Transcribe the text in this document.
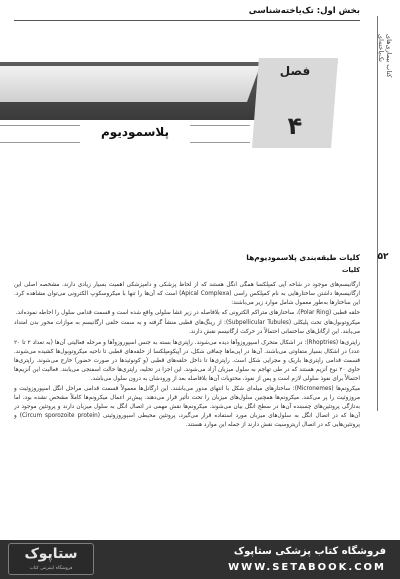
بخش اول: تک‌یاخته‌شناسی
کتاب بیماری‌های تک‌یاخته‌ای
۵۲
فصل
۴
پلاسمودیوم
کلیات طبقه‌بندی پلاسمودیوم‌ها
کلیات

ارگانیسم‌های موجود در شاخه آپی کمپلکسا همگی انگل هستند که از لحاظ پزشکی و دامپزشکی اهمیت بسیار زیادی دارند. مشخصه اصلی این ارگانیسم‌ها داشتن ساختارهایی به نام کمپلکس راسی (Apical Complexa) است که آن‌ها را تنها با میکروسکوپ الکترونی می‌توان مشاهده کرد. این ساختارها به‌طور معمول شامل موارد زیر می‌باشند:

حلقه قطبی (Polar Ring)، ساختارهای متراکم الکترونی که بلافاصله در زیر غشا سلولی واقع شده است و قسمت قدامی سلول را احاطه نموده‌اند.

میکروتوبول‌های تحت پلیکلی (Subpellicular Tubules): از رینگ‌های قطبی منشأ گرفته و به سمت خلفی ارگانیسم به موازات محور بدن امتداد می‌یابند. این ارگانل‌های ساختمانی احتمالاً در حرکت ارگانیسم نقش دارند.

راپتری‌ها (Rhoptries): در اشکال متحرک اسپوروزوآها دیده می‌شوند. راپتری‌ها بسته به جنس اسپوروزوآها و مرحله فعالیتی آن‌ها (به تعداد ۲ تا ۲۰ عدد) در اشکال بسیار متفاوتی می‌باشند. آن‌ها در اپی‌ماها چماقی شکل، در آپیکومپلکسا از حلقه‌های قطبی تا ناحیه میکروتوبول‌ها کشیده می‌شوند. قسمت قدامی راپتری‌ها باریک و مجرایی شکل است. راپتری‌ها تا داخل حلقه‌های قطبی (و کونوئیدها در صورت حضور) خارج می‌شوند. راپتری‌ها حاوی ۲۰ نوع آنزیم هستند که در طی تهاجم به سلول میزبان آزاد می‌شوند. این اجزا در تخلیه، راپتری‌ها حالت اسفنجی می‌یابند. فعالیت این آنزیم‌ها احتمالاً برای نفوذ سلولی لازم است و پس از نفوذ، محتویات آن‌ها بلافاصله بعد از ورودشان به درون سلول می‌باشد.

میکرونم‌ها (Micronemes): ساختارهای میله‌ای شکل با انتهای مدور می‌باشند. این ارگانل‌ها معمولاً قسمت قدامی مراحل انگل اسپوروزوئیت و مروزوئیت را پر می‌کنند. میکرونم‌ها همچنین سلول‌های میزبان را تحت تأثیر قرار می‌دهند. پیش‌تر اعمال میکرونم‌ها کاملاً مشخص نشده بود، اما به‌تازگی پروتئین‌های چسبنده آن‌ها در سطح انگل بیان می‌شوند. میکرونم‌ها نقش مهمی در اتصال انگل به سلول میزبان دارند و پروتئین موجود در آن‌ها که در اتصال انگل به سلول‌های میزبان مورد استفاده قرار می‌گیرد، پروتئین محیطی اسپوروزوئیتی (Circum sporozoite protein) و پروتئین‌هایی که در اتصال اریتروسیت نقش دارند از جمله این موارد هستند.

ستاپوک
فروشگاه اینترنتی کتاب
فروشگاه کتاب پزشکی ستاپوک
WWW.SETABOOK.COM
